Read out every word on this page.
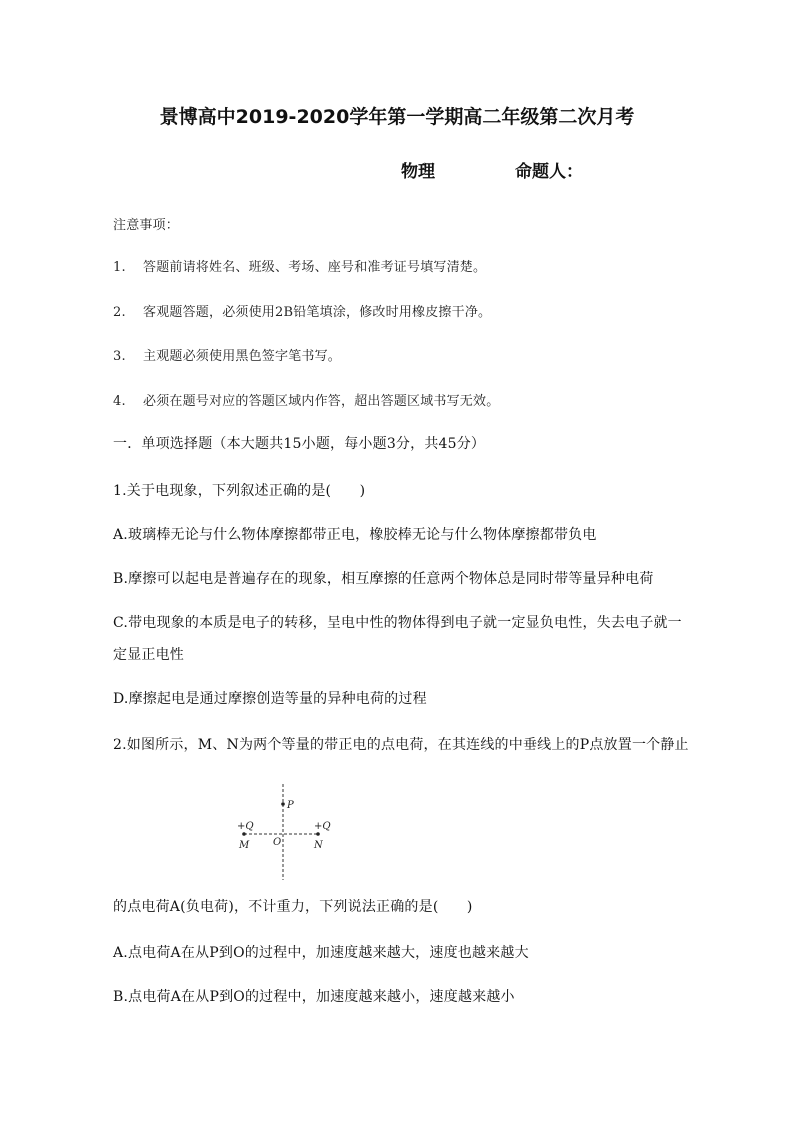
景博高中2019-2020学年第一学期高二年级第二次月考
物理	命题人：
注意事项：
1. 答题前请将姓名、班级、考场、座号和准考证号填写清楚。
2. 客观题答题，必须使用2B铅笔填涂，修改时用橡皮擦干净。
3. 主观题必须使用黑色签字笔书写。
4. 必须在题号对应的答题区域内作答，超出答题区域书写无效。
一．单项选择题（本大题共15小题，每小题3分，共45分）
1.关于电现象，下列叙述正确的是(　　)
A.玻璃棒无论与什么物体摩擦都带正电，橡胶棒无论与什么物体摩擦都带负电
B.摩擦可以起电是普遍存在的现象，相互摩擦的任意两个物体总是同时带等量异种电荷
C.带电现象的本质是电子的转移，呈电中性的物体得到电子就一定显负电性，失去电子就一
定显正电性
D.摩擦起电是通过摩擦创造等量的异种电荷的过程
2.如图所示，M、N为两个等量的带正电的点电荷，在其连线的中垂线上的P点放置一个静止
P
O
M	N
+Q	+Q
的点电荷A(负电荷)，不计重力，下列说法正确的是(　　)
A.点电荷A在从P到O的过程中，加速度越来越大，速度也越来越大
B.点电荷A在从P到O的过程中，加速度越来越小，速度越来越小
